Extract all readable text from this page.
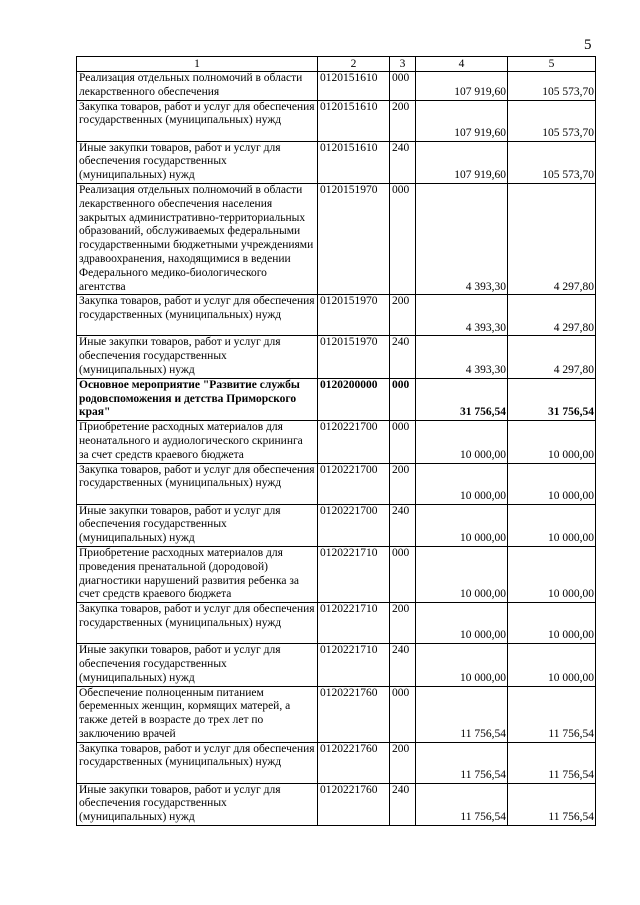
5
1	2	3	4	5
Реализация отдельных полномочий в области лекарственного обеспечения	0120151610	000	107 919,60	105 573,70
Закупка товаров, работ и услуг для обеспечения государственных (муниципальных) нужд	0120151610	200	107 919,60	105 573,70
Иные закупки товаров, работ и услуг для обеспечения государственных (муниципальных) нужд	0120151610	240	107 919,60	105 573,70
Реализация отдельных полномочий в области лекарственного обеспечения населения закрытых административно-территориальных образований, обслуживаемых федеральными государственными бюджетными учреждениями здравоохранения, находящимися в ведении Федерального медико-биологического агентства	0120151970	000	4 393,30	4 297,80
Закупка товаров, работ и услуг для обеспечения государственных (муниципальных) нужд	0120151970	200	4 393,30	4 297,80
Иные закупки товаров, работ и услуг для обеспечения государственных (муниципальных) нужд	0120151970	240	4 393,30	4 297,80
Основное мероприятие "Развитие службы родовспоможения и детства Приморского края"	0120200000	000	31 756,54	31 756,54
Приобретение расходных материалов для неонатального и аудиологического скрининга за счет средств краевого бюджета	0120221700	000	10 000,00	10 000,00
Закупка товаров, работ и услуг для обеспечения государственных (муниципальных) нужд	0120221700	200	10 000,00	10 000,00
Иные закупки товаров, работ и услуг для обеспечения государственных (муниципальных) нужд	0120221700	240	10 000,00	10 000,00
Приобретение расходных материалов для проведения пренатальной (дородовой) диагностики нарушений развития ребенка за счет средств краевого бюджета	0120221710	000	10 000,00	10 000,00
Закупка товаров, работ и услуг для обеспечения государственных (муниципальных) нужд	0120221710	200	10 000,00	10 000,00
Иные закупки товаров, работ и услуг для обеспечения государственных (муниципальных) нужд	0120221710	240	10 000,00	10 000,00
Обеспечение полноценным питанием беременных женщин, кормящих матерей, а также детей в возрасте до трех лет по заключению врачей	0120221760	000	11 756,54	11 756,54
Закупка товаров, работ и услуг для обеспечения государственных (муниципальных) нужд	0120221760	200	11 756,54	11 756,54
Иные закупки товаров, работ и услуг для обеспечения государственных (муниципальных) нужд	0120221760	240	11 756,54	11 756,54
